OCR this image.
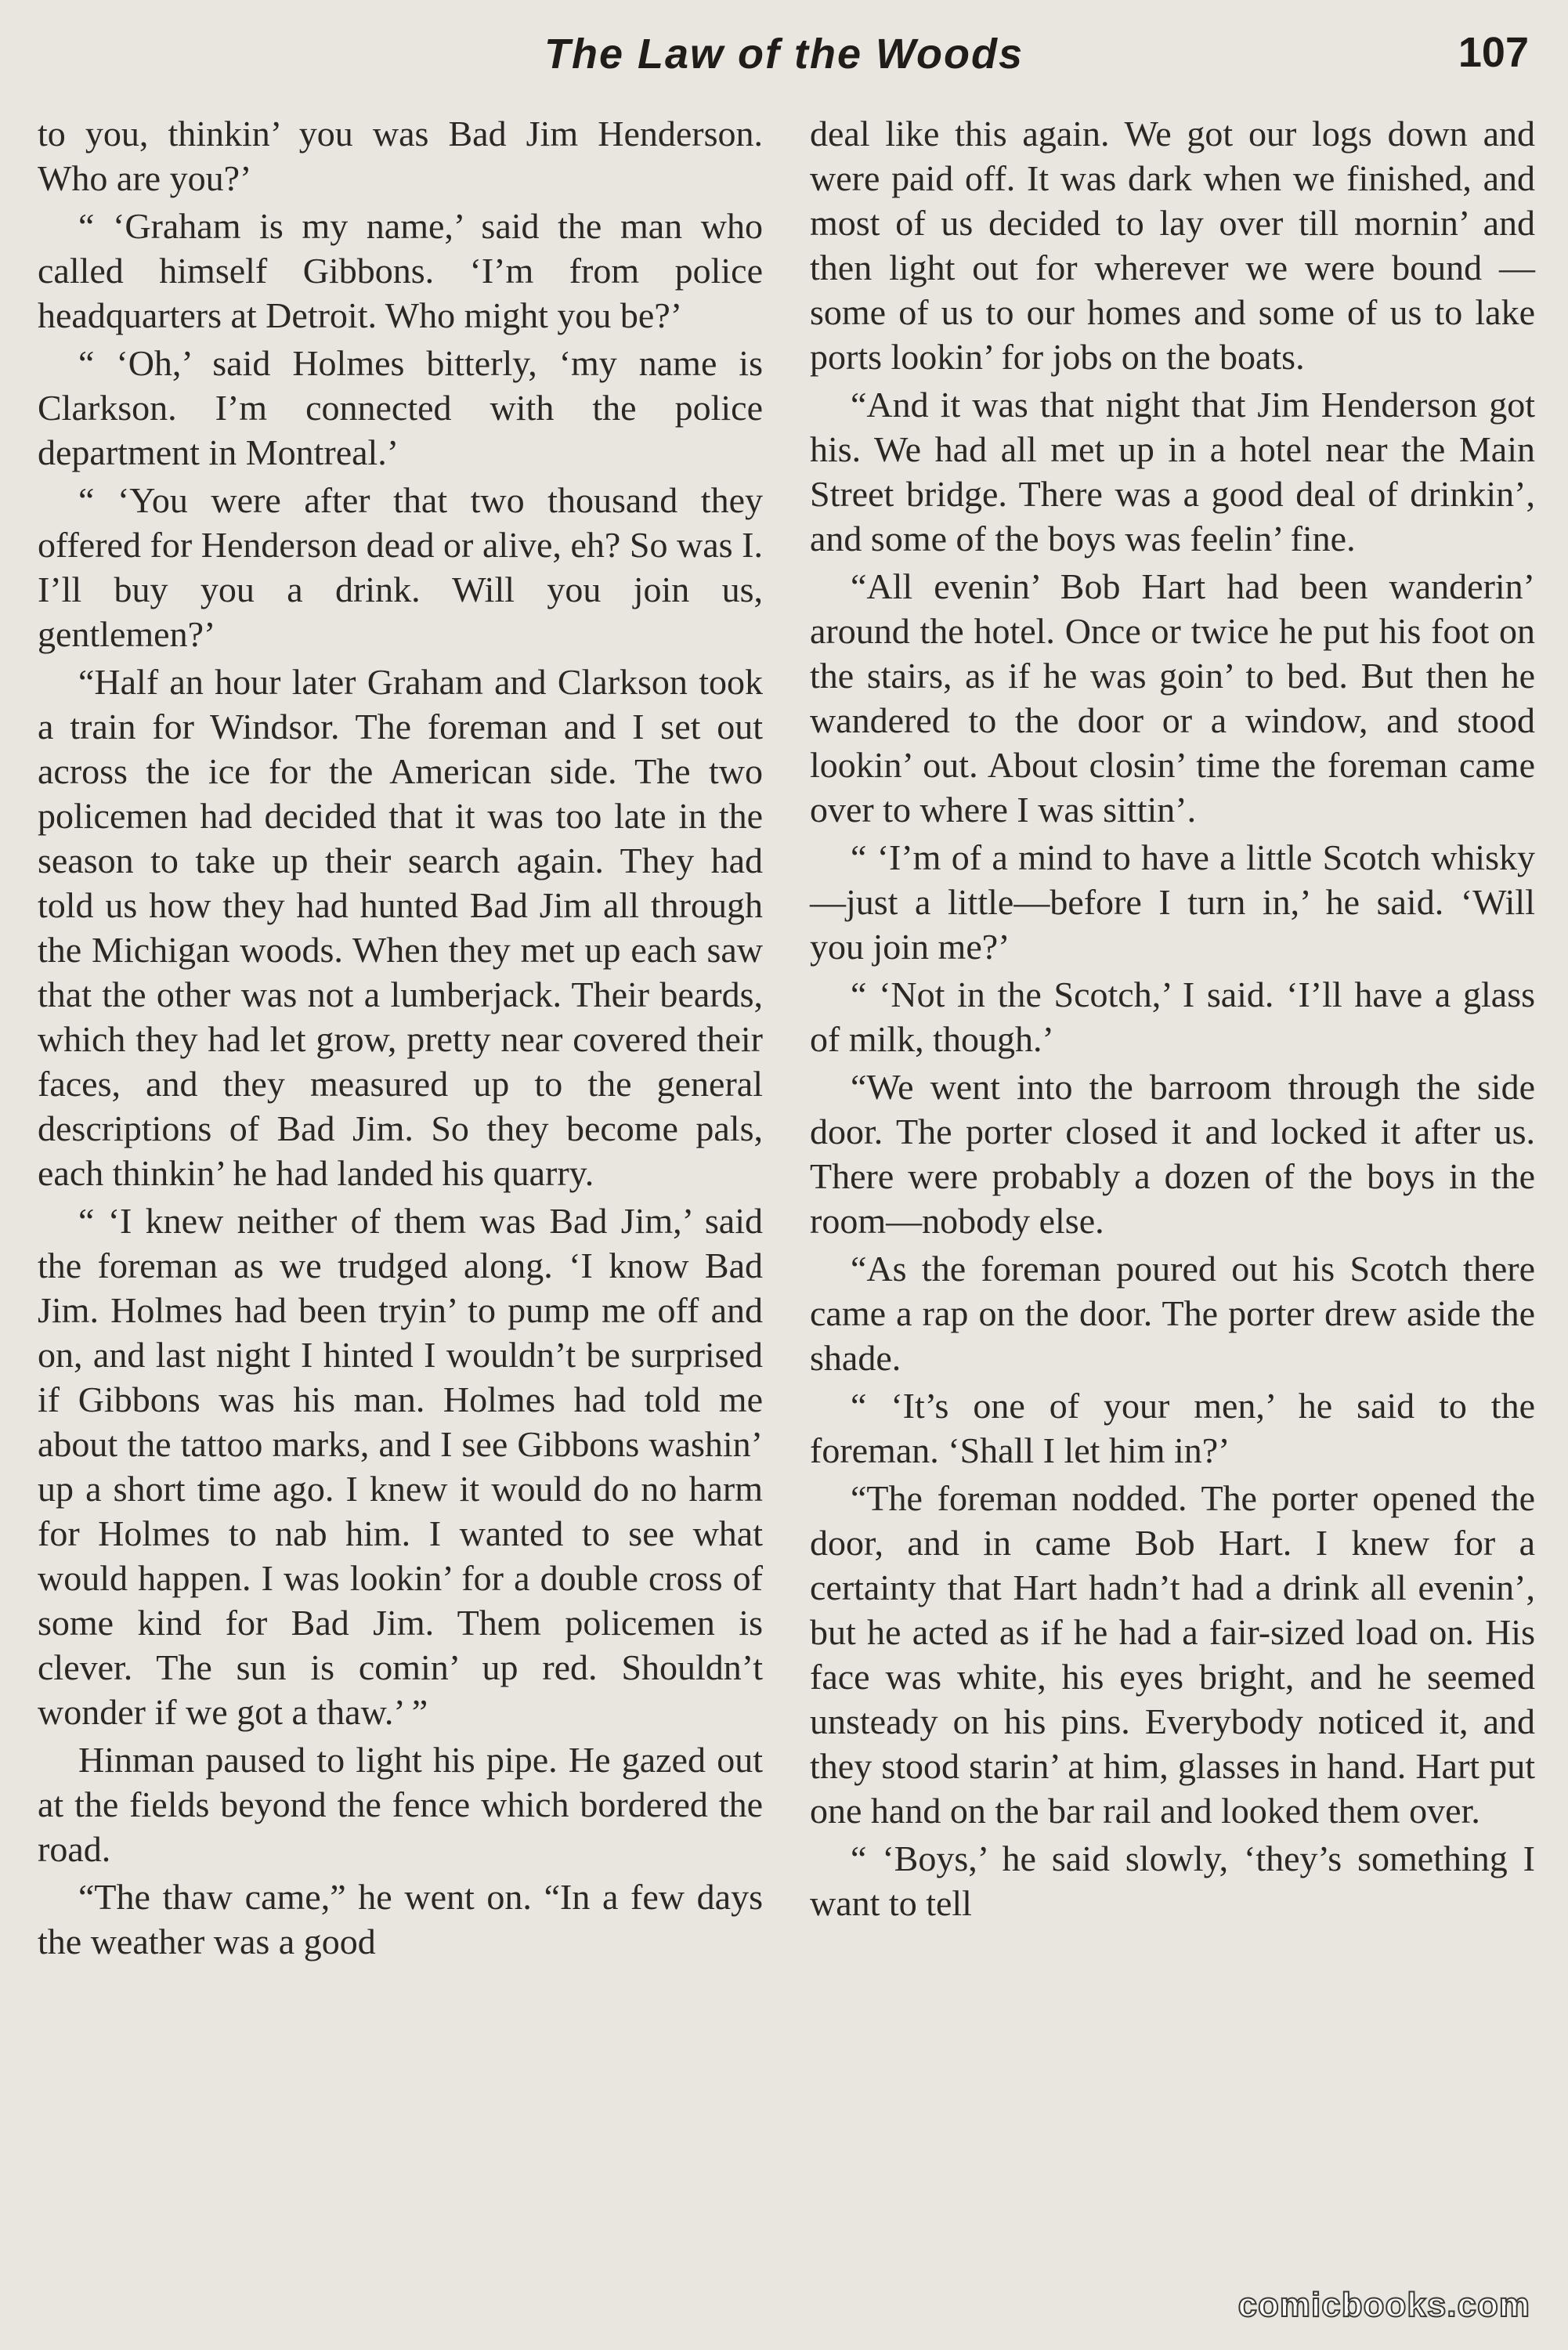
The Law of the Woods	107

to you, thinkin’ you was Bad Jim Henderson. Who are you?’

“ ‘Graham is my name,’ said the man who called himself Gibbons. ‘I’m from police headquarters at Detroit. Who might you be?’

“ ‘Oh,’ said Holmes bitterly, ‘my name is Clarkson. I’m connected with the police department in Montreal.’

“ ‘You were after that two thousand they offered for Henderson dead or alive, eh? So was I. I’ll buy you a drink. Will you join us, gentlemen?’

“Half an hour later Graham and Clarkson took a train for Windsor. The foreman and I set out across the ice for the American side. The two policemen had decided that it was too late in the season to take up their search again. They had told us how they had hunted Bad Jim all through the Michigan woods. When they met up each saw that the other was not a lumberjack. Their beards, which they had let grow, pretty near covered their faces, and they measured up to the general descriptions of Bad Jim. So they become pals, each thinkin’ he had landed his quarry.

“ ‘I knew neither of them was Bad Jim,’ said the foreman as we trudged along. ‘I know Bad Jim. Holmes had been tryin’ to pump me off and on, and last night I hinted I wouldn’t be surprised if Gibbons was his man. Holmes had told me about the tattoo marks, and I see Gibbons washin’ up a short time ago. I knew it would do no harm for Holmes to nab him. I wanted to see what would happen. I was lookin’ for a double cross of some kind for Bad Jim. Them policemen is clever. The sun is comin’ up red. Shouldn’t wonder if we got a thaw.’ ”

Hinman paused to light his pipe. He gazed out at the fields beyond the fence which bordered the road.

“The thaw came,” he went on. “In a few days the weather was a good

deal like this again. We got our logs down and were paid off. It was dark when we finished, and most of us decided to lay over till mornin’ and then light out for wherever we were bound —some of us to our homes and some of us to lake ports lookin’ for jobs on the boats.

“And it was that night that Jim Henderson got his. We had all met up in a hotel near the Main Street bridge. There was a good deal of drinkin’, and some of the boys was feelin’ fine.

“All evenin’ Bob Hart had been wanderin’ around the hotel. Once or twice he put his foot on the stairs, as if he was goin’ to bed. But then he wandered to the door or a window, and stood lookin’ out. About closin’ time the foreman came over to where I was sittin’.

“ ‘I’m of a mind to have a little Scotch whisky—just a little—before I turn in,’ he said. ‘Will you join me?’

“ ‘Not in the Scotch,’ I said. ‘I’ll have a glass of milk, though.’

“We went into the barroom through the side door. The porter closed it and locked it after us. There were probably a dozen of the boys in the room—nobody else.

“As the foreman poured out his Scotch there came a rap on the door. The porter drew aside the shade.

“ ‘It’s one of your men,’ he said to the foreman. ‘Shall I let him in?’

“The foreman nodded. The porter opened the door, and in came Bob Hart. I knew for a certainty that Hart hadn’t had a drink all evenin’, but he acted as if he had a fair-sized load on. His face was white, his eyes bright, and he seemed unsteady on his pins. Everybody noticed it, and they stood starin’ at him, glasses in hand. Hart put one hand on the bar rail and looked them over.

“ ‘Boys,’ he said slowly, ‘they’s something I want to tell

comicbooks.com
